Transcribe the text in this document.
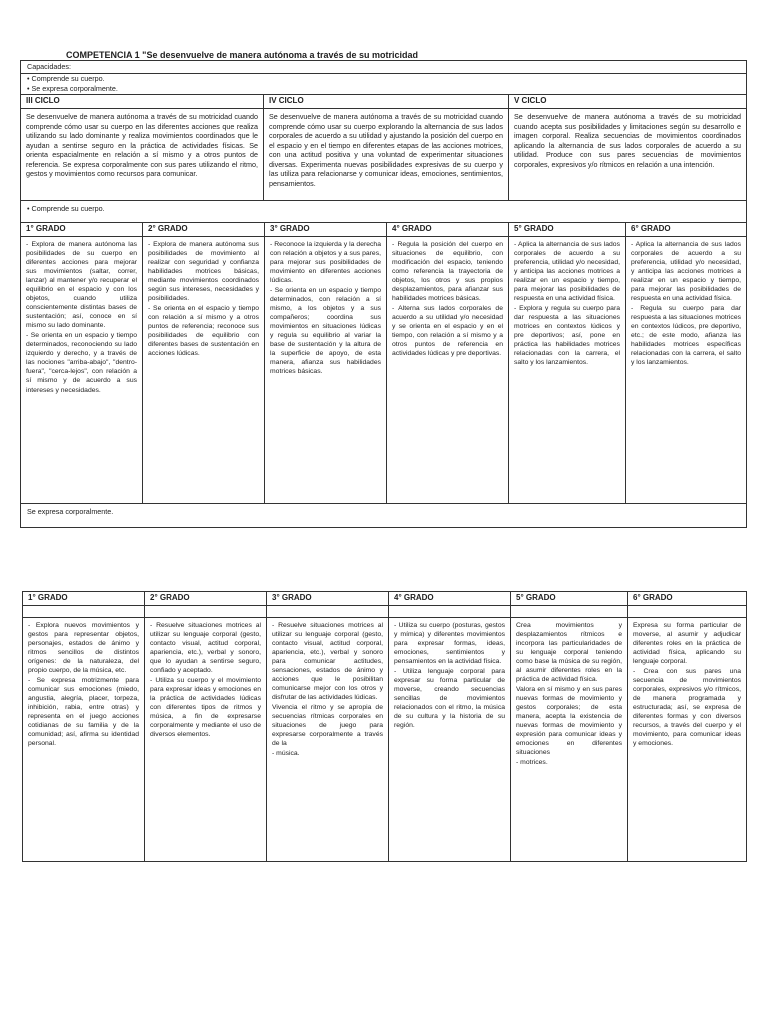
COMPETENCIA 1 "Se desenvuelve de manera autónoma a través de su motricidad
Capacidades:
• Comprende su cuerpo.
• Se expresa corporalmente.
III CICLO
Se desenvuelve de manera autónoma a través de su motricidad cuando comprende cómo usar su cuerpo en las diferentes acciones que realiza utilizando su lado dominante y realiza movimientos coordinados que le ayudan a sentirse seguro en la práctica de actividades físicas. Se orienta espacialmente en relación a sí mismo y a otros puntos de referencia. Se expresa corporalmente con sus pares utilizando el ritmo, gestos y movimientos como recursos para comunicar.
IV CICLO
Se desenvuelve de manera autónoma a través de su motricidad cuando comprende cómo usar su cuerpo explorando la alternancia de sus lados corporales de acuerdo a su utilidad y ajustando la posición del cuerpo en el espacio y en el tiempo en diferentes etapas de las acciones motrices, con una actitud positiva y una voluntad de experimentar situaciones diversas. Experimenta nuevas posibilidades expresivas de su cuerpo y las utiliza para relacionarse y comunicar ideas, emociones, sentimientos, pensamientos.
V CICLO
Se desenvuelve de manera autónoma a través de su motricidad cuando acepta sus posibilidades y limitaciones según su desarrollo e imagen corporal. Realiza secuencias de movimientos coordinados aplicando la alternancia de sus lados corporales de acuerdo a su utilidad. Produce con sus pares secuencias de movimientos corporales, expresivos y/o rítmicos en relación a una intención.
• Comprende su cuerpo.
1° GRADO
- Explora de manera autónoma las posibilidades de su cuerpo en diferentes acciones para mejorar sus movimientos (saltar, correr, lanzar) al mantener y/o recuperar el equilibrio en el espacio y con los objetos, cuando utiliza conscientemente distintas bases de sustentación; así, conoce en sí mismo su lado dominante.
- Se orienta en un espacio y tiempo determinados, reconociendo su lado izquierdo y derecho, y a través de las nociones "arriba-abajo", "dentro-fuera", "cerca-lejos", con relación a sí mismo y de acuerdo a sus intereses y necesidades.
2° GRADO
- Explora de manera autónoma sus posibilidades de movimiento al realizar con seguridad y confianza habilidades motrices básicas, mediante movimientos coordinados según sus intereses, necesidades y posibilidades.
- Se orienta en el espacio y tiempo con relación a sí mismo y a otros puntos de referencia; reconoce sus posibilidades de equilibrio con diferentes bases de sustentación en acciones lúdicas.
3° GRADO
- Reconoce la izquierda y la derecha con relación a objetos y a sus pares, para mejorar sus posibilidades de movimiento en diferentes acciones lúdicas.
- Se orienta en un espacio y tiempo determinados, con relación a sí mismo, a los objetos y a sus compañeros; coordina sus movimientos en situaciones lúdicas y regula su equilibrio al variar la base de sustentación y la altura de la superficie de apoyo, de esta manera, afianza sus habilidades motrices básicas.
4° GRADO
- Regula la posición del cuerpo en situaciones de equilibrio, con modificación del espacio, teniendo como referencia la trayectoria de objetos, los otros y sus propios desplazamientos, para afianzar sus habilidades motrices básicas.
- Alterna sus lados corporales de acuerdo a su utilidad y/o necesidad y se orienta en el espacio y en el tiempo, con relación a sí mismo y a otros puntos de referencia en actividades lúdicas y pre deportivas.
5° GRADO
- Aplica la alternancia de sus lados corporales de acuerdo a su preferencia, utilidad y/o necesidad, y anticipa las acciones motrices a realizar en un espacio y tiempo, para mejorar las posibilidades de respuesta en una actividad física.
- Explora y regula su cuerpo para dar respuesta a las situaciones motrices en contextos lúdicos y pre deportivos; así, pone en práctica las habilidades motrices relacionadas con la carrera, el salto y los lanzamientos.
6° GRADO
- Aplica la alternancia de sus lados corporales de acuerdo a su preferencia, utilidad y/o necesidad, y anticipa las acciones motrices a realizar en un espacio y tiempo, para mejorar las posibilidades de respuesta en una actividad física.
- Regula su cuerpo para dar respuesta a las situaciones motrices en contextos lúdicos, pre deportivo, etc.; de este modo, afianza las habilidades motrices específicas relacionadas con la carrera, el salto y los lanzamientos.
Se expresa corporalmente.
1° GRADO
- Explora nuevos movimientos y gestos para representar objetos, personajes, estados de ánimo y ritmos sencillos de distintos orígenes: de la naturaleza, del propio cuerpo, de la música, etc.
- Se expresa motrizmente para comunicar sus emociones (miedo, angustia, alegría, placer, torpeza, inhibición, rabia, entre otras) y representa en el juego acciones cotidianas de su familia y de la comunidad; así, afirma su identidad personal.
2° GRADO
- Resuelve situaciones motrices al utilizar su lenguaje corporal (gesto, contacto visual, actitud corporal, apariencia, etc.), verbal y sonoro, que lo ayudan a sentirse seguro, confiado y aceptado.
- Utiliza su cuerpo y el movimiento para expresar ideas y emociones en la práctica de actividades lúdicas con diferentes tipos de ritmos y música, a fin de expresarse corporalmente y mediante el uso de diversos elementos.
3° GRADO
- Resuelve situaciones motrices al utilizar su lenguaje corporal (gesto, contacto visual, actitud corporal, apariencia, etc.), verbal y sonoro para comunicar actitudes, sensaciones, estados de ánimo y acciones que le posibilitan comunicarse mejor con los otros y disfrutar de las actividades lúdicas.
Vivencia el ritmo y se apropia de secuencias rítmicas corporales en situaciones de juego para expresarse corporalmente a través de la
- música.
4° GRADO
- Utiliza su cuerpo (posturas, gestos y mímica) y diferentes movimientos para expresar formas, ideas, emociones, sentimientos y pensamientos en la actividad física.
- Utiliza lenguaje corporal para expresar su forma particular de moverse, creando secuencias sencillas de movimientos relacionados con el ritmo, la música de su cultura y la historia de su región.
5° GRADO
Crea movimientos y desplazamientos rítmicos e incorpora las particularidades de su lenguaje corporal teniendo como base la música de su región, al asumir diferentes roles en la práctica de actividad física.
Valora en sí mismo y en sus pares nuevas formas de movimiento y gestos corporales; de esta manera, acepta la existencia de nuevas formas de movimiento y expresión para comunicar ideas y emociones en diferentes situaciones
- motrices.
6° GRADO
Expresa su forma particular de moverse, al asumir y adjudicar diferentes roles en la práctica de actividad física, aplicando su lenguaje corporal.
- Crea con sus pares una secuencia de movimientos corporales, expresivos y/o rítmicos, de manera programada y estructurada; así, se expresa de diferentes formas y con diversos recursos, a través del cuerpo y el movimiento, para comunicar ideas y emociones.
